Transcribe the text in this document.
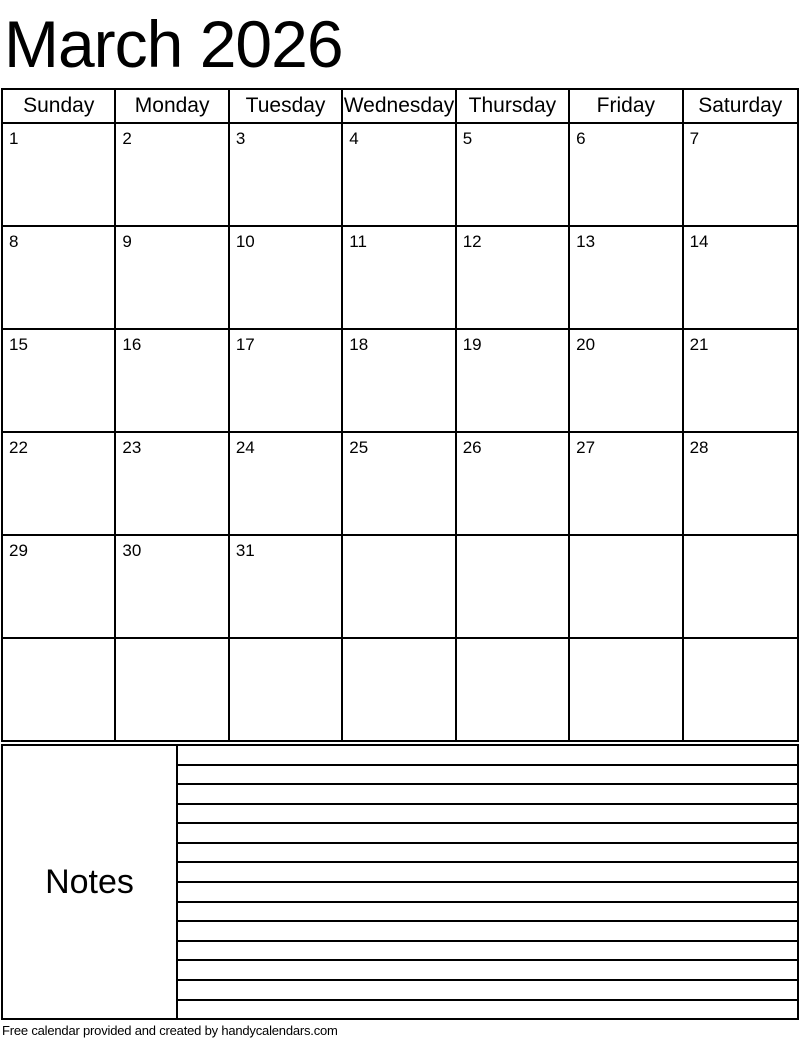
March 2026
Sunday	Monday	Tuesday Wednesday Thursday	Friday	Saturday
1	2	3	4	5	6	7
8	9	10	11	12	13	14
15	16	17	18	19	20	21
22	23	24	25	26	27	28
29	30	31
Notes
Free calendar provided and created by handycalendars.com
